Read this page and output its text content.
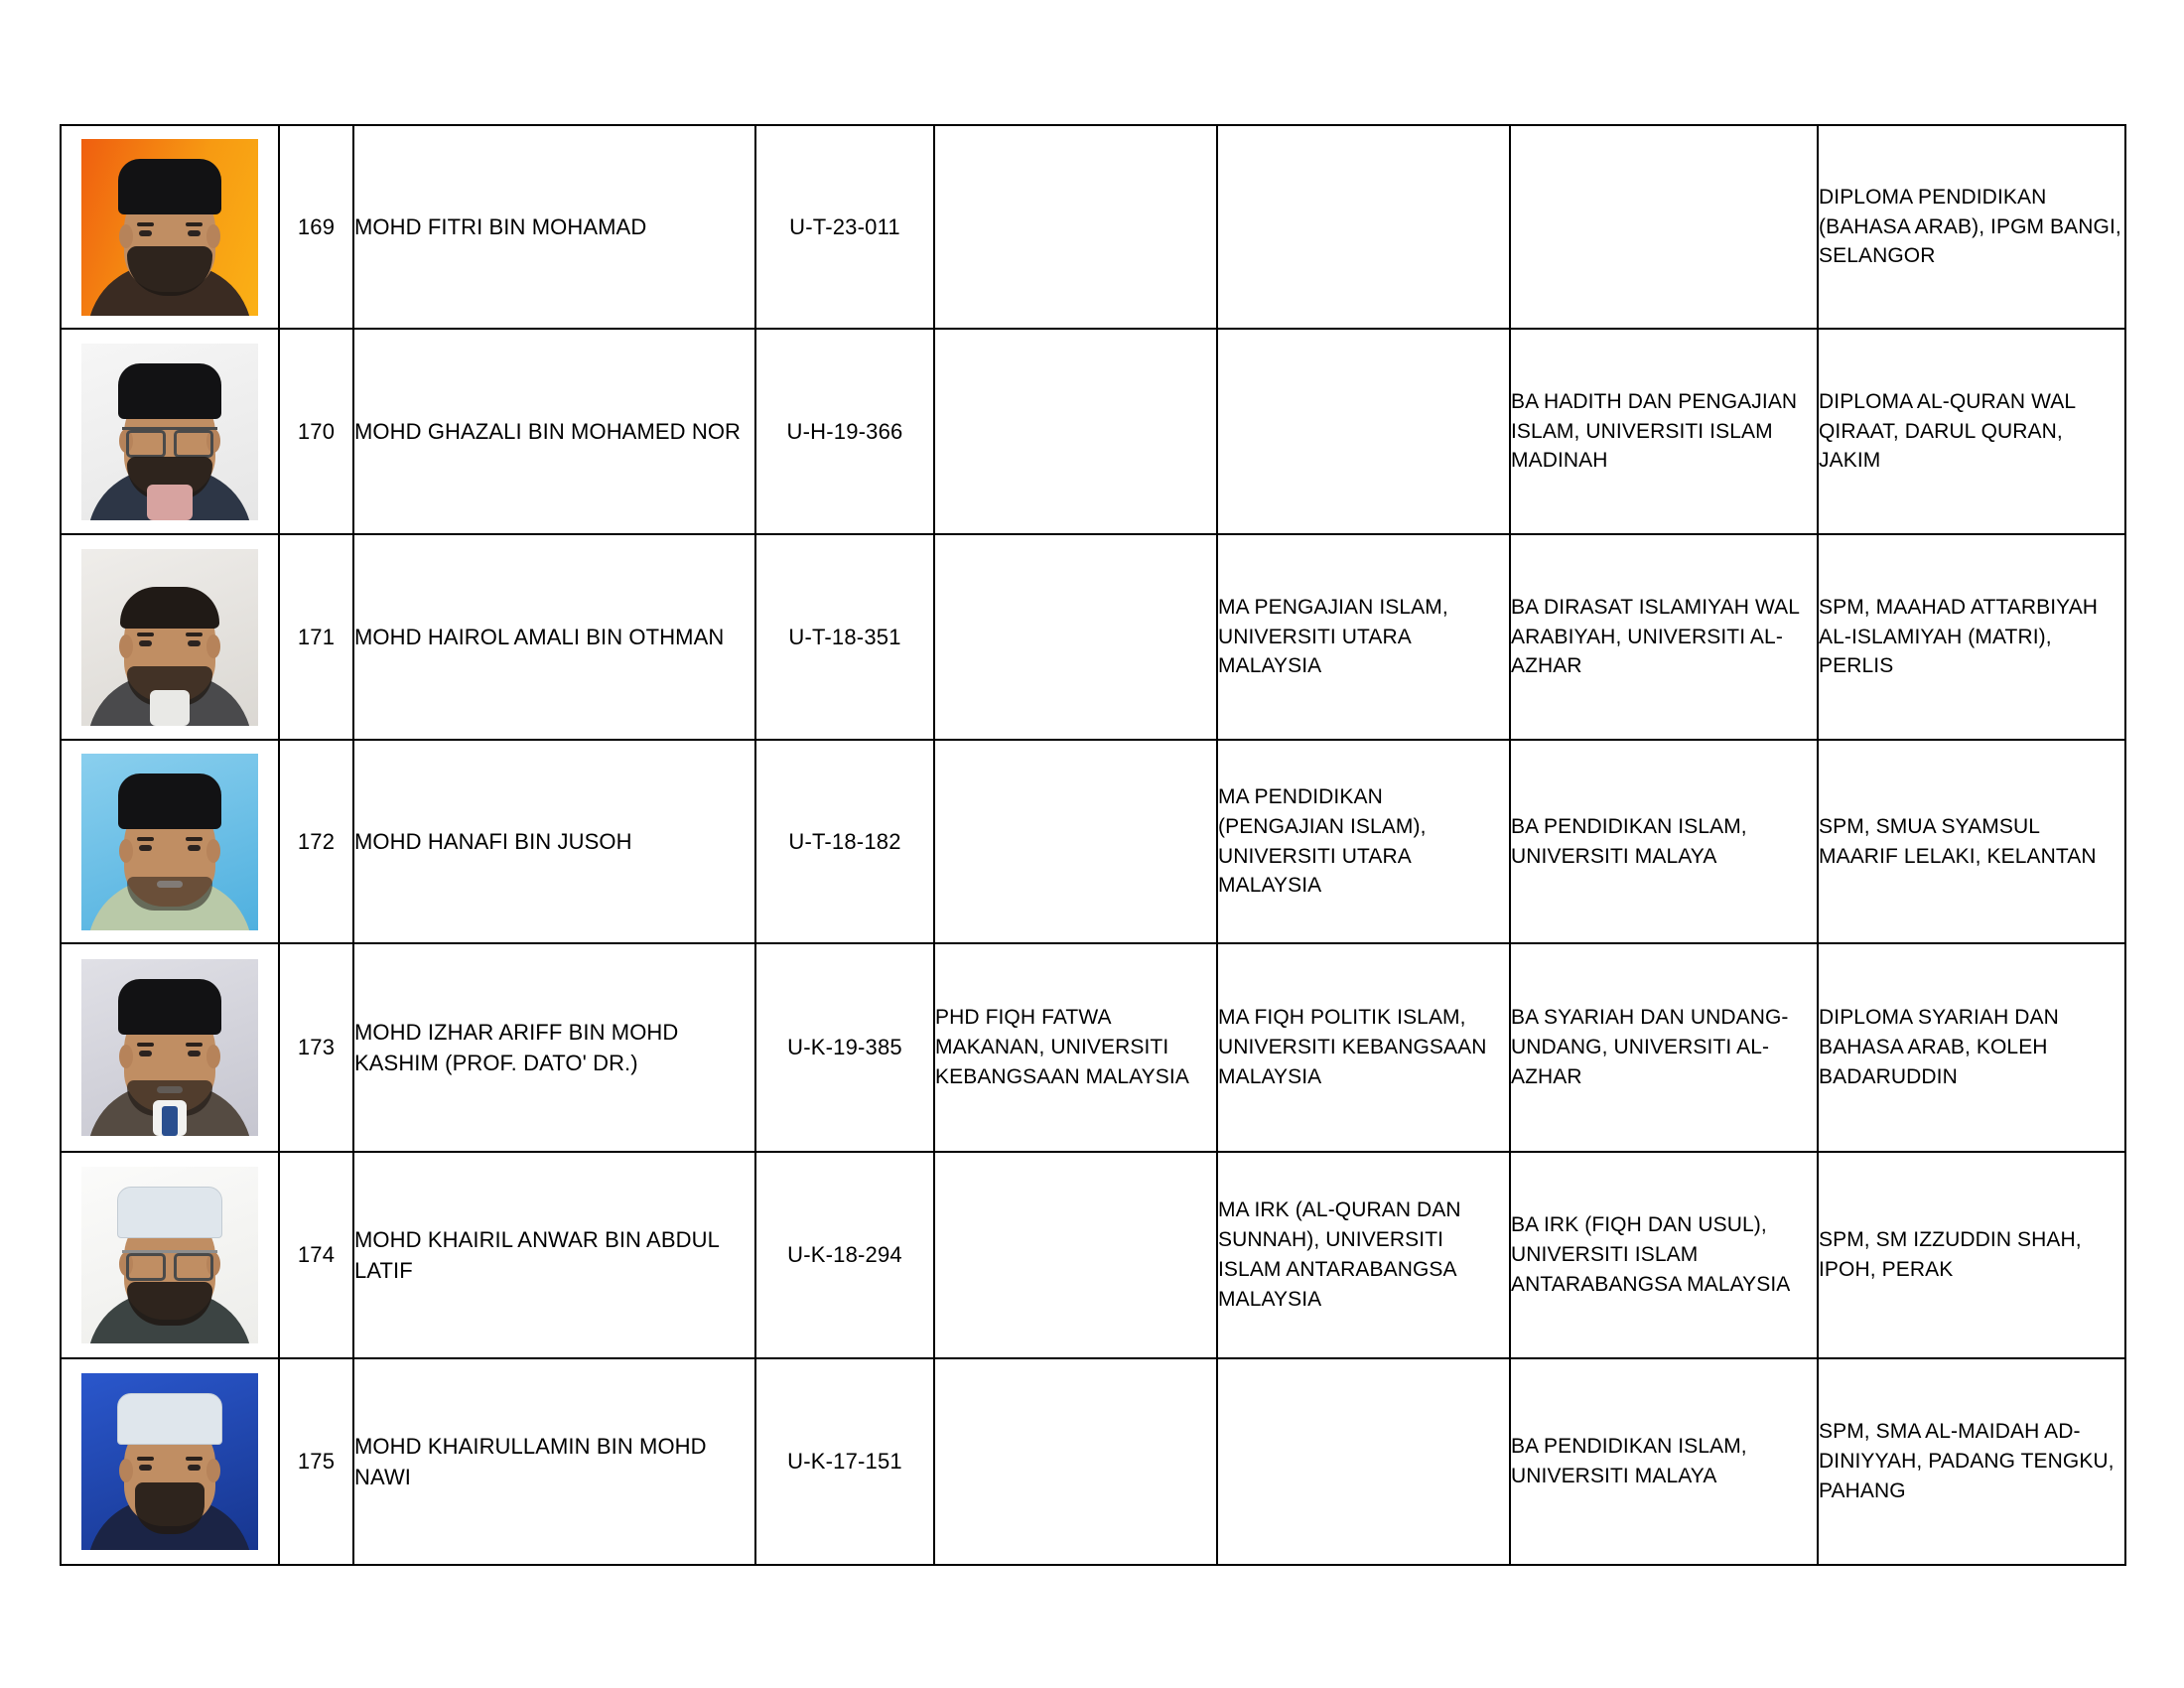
	169	MOHD FITRI BIN MOHAMAD	U-T-23-011				DIPLOMA PENDIDIKAN (BAHASA ARAB), IPGM BANGI, SELANGOR

	170	MOHD GHAZALI BIN MOHAMED NOR	U-H-19-366			BA HADITH DAN PENGAJIAN ISLAM, UNIVERSITI ISLAM MADINAH	DIPLOMA AL-QURAN WAL QIRAAT, DARUL QURAN, JAKIM

	171	MOHD HAIROL AMALI BIN OTHMAN	U-T-18-351		MA PENGAJIAN ISLAM, UNIVERSITI UTARA MALAYSIA	BA DIRASAT ISLAMIYAH WAL ARABIYAH, UNIVERSITI AL-AZHAR	SPM, MAAHAD ATTARBIYAH AL-ISLAMIYAH (MATRI), PERLIS

	172	MOHD HANAFI BIN JUSOH	U-T-18-182		MA PENDIDIKAN (PENGAJIAN ISLAM), UNIVERSITI UTARA MALAYSIA	BA PENDIDIKAN ISLAM, UNIVERSITI MALAYA	SPM, SMUA SYAMSUL MAARIF LELAKI, KELANTAN

	173	MOHD IZHAR ARIFF BIN MOHD KASHIM (PROF. DATO' DR.)	U-K-19-385	PHD FIQH FATWA MAKANAN, UNIVERSITI KEBANGSAAN MALAYSIA	MA FIQH POLITIK ISLAM, UNIVERSITI KEBANGSAAN MALAYSIA	BA SYARIAH DAN UNDANG-UNDANG, UNIVERSITI AL-AZHAR	DIPLOMA SYARIAH DAN BAHASA ARAB, KOLEH BADARUDDIN

	174	MOHD KHAIRIL ANWAR BIN ABDUL LATIF	U-K-18-294		MA IRK (AL-QURAN DAN SUNNAH), UNIVERSITI ISLAM ANTARABANGSA MALAYSIA	BA IRK (FIQH DAN USUL), UNIVERSITI ISLAM ANTARABANGSA MALAYSIA	SPM, SM IZZUDDIN SHAH, IPOH, PERAK

	175	MOHD KHAIRULLAMIN BIN MOHD NAWI	U-K-17-151			BA PENDIDIKAN ISLAM, UNIVERSITI MALAYA	SPM, SMA AL-MAIDAH AD-DINIYYAH, PADANG TENGKU, PAHANG
